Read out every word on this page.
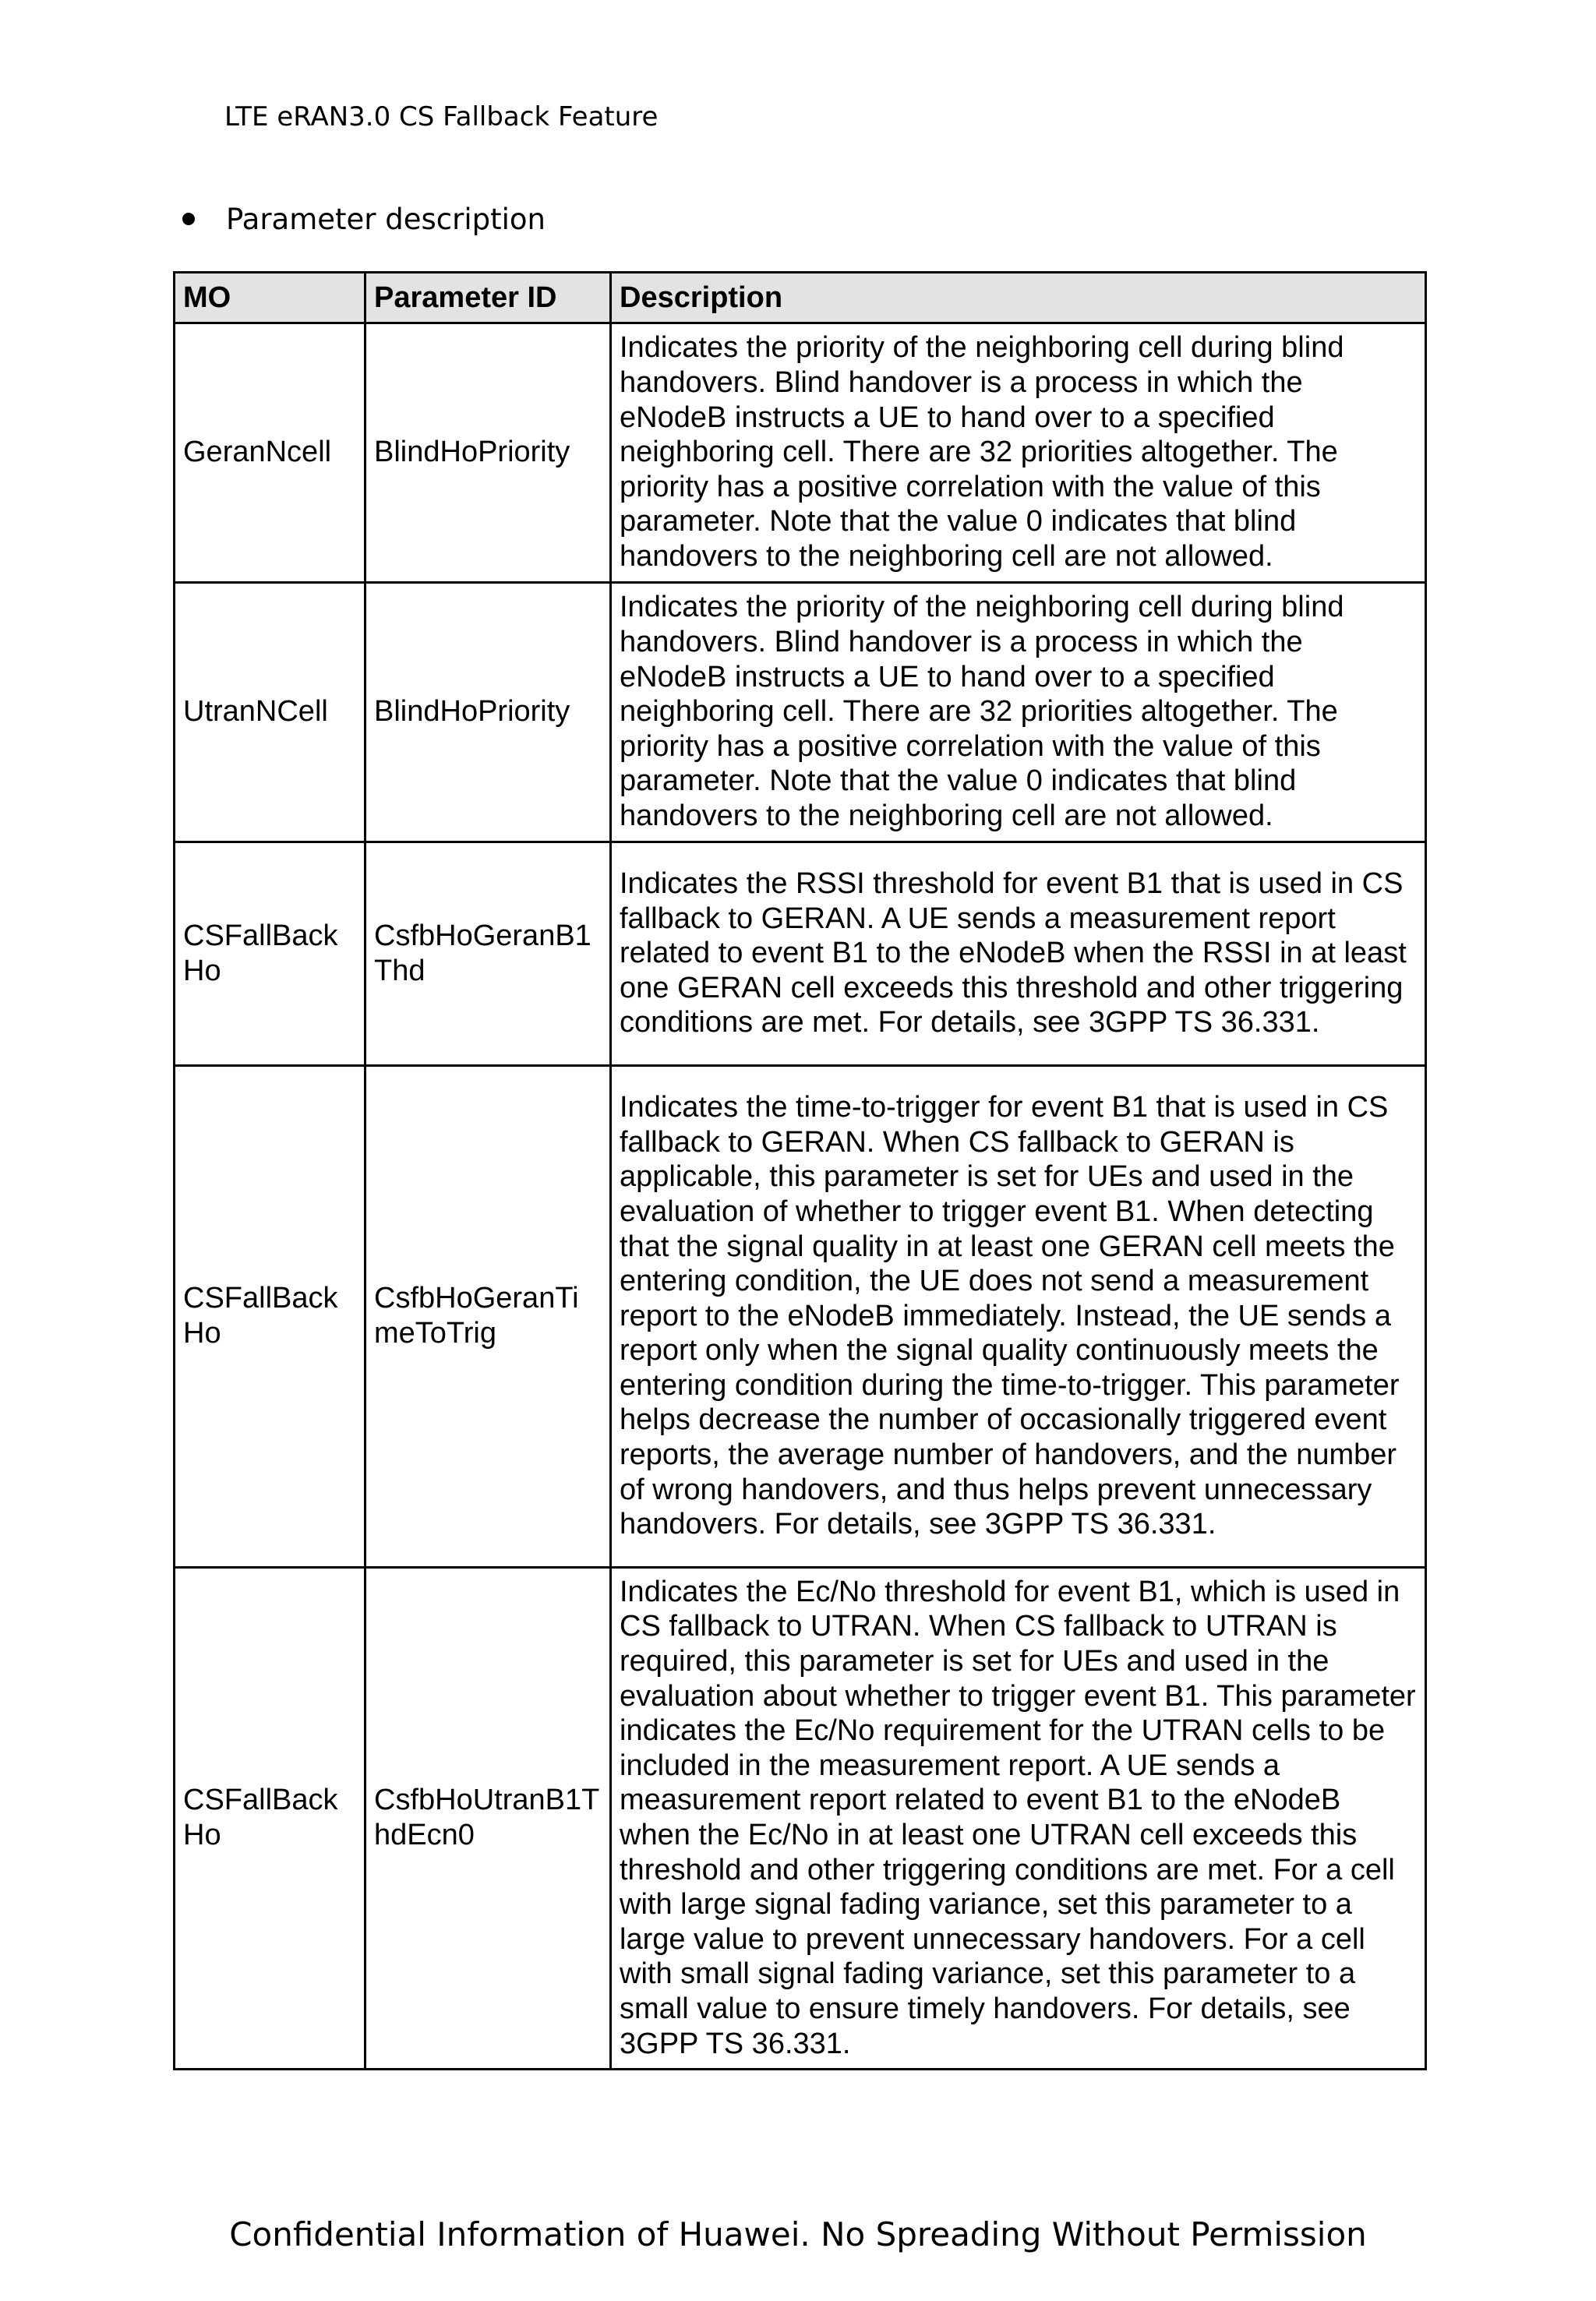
LTE eRAN3.0 CS Fallback Feature
Parameter description
MO	Parameter ID	Description
GeranNcell	BlindHoPriority	Indicates the priority of the neighboring cell during blind handovers. Blind handover is a process in which the eNodeB instructs a UE to hand over to a specified neighboring cell. There are 32 priorities altogether. The priority has a positive correlation with the value of this parameter. Note that the value 0 indicates that blind handovers to the neighboring cell are not allowed.
UtranNCell	BlindHoPriority	Indicates the priority of the neighboring cell during blind handovers. Blind handover is a process in which the eNodeB instructs a UE to hand over to a specified neighboring cell. There are 32 priorities altogether. The priority has a positive correlation with the value of this parameter. Note that the value 0 indicates that blind handovers to the neighboring cell are not allowed.
CSFallBackHo	CsfbHoGeranB1Thd	Indicates the RSSI threshold for event B1 that is used in CS fallback to GERAN. A UE sends a measurement report related to event B1 to the eNodeB when the RSSI in at least one GERAN cell exceeds this threshold and other triggering conditions are met. For details, see 3GPP TS 36.331.
CSFallBackHo	CsfbHoGeranTimeToTrig	Indicates the time-to-trigger for event B1 that is used in CS fallback to GERAN. When CS fallback to GERAN is applicable, this parameter is set for UEs and used in the evaluation of whether to trigger event B1. When detecting that the signal quality in at least one GERAN cell meets the entering condition, the UE does not send a measurement report to the eNodeB immediately. Instead, the UE sends a report only when the signal quality continuously meets the entering condition during the time-to-trigger. This parameter helps decrease the number of occasionally triggered event reports, the average number of handovers, and the number of wrong handovers, and thus helps prevent unnecessary handovers. For details, see 3GPP TS 36.331.
CSFallBackHo	CsfbHoUtranB1ThdEcn0	Indicates the Ec/No threshold for event B1, which is used in CS fallback to UTRAN. When CS fallback to UTRAN is required, this parameter is set for UEs and used in the evaluation about whether to trigger event B1. This parameter indicates the Ec/No requirement for the UTRAN cells to be included in the measurement report. A UE sends a measurement report related to event B1 to the eNodeB when the Ec/No in at least one UTRAN cell exceeds this threshold and other triggering conditions are met. For a cell with large signal fading variance, set this parameter to a large value to prevent unnecessary handovers. For a cell with small signal fading variance, set this parameter to a small value to ensure timely handovers. For details, see 3GPP TS 36.331.
Confidential Information of Huawei. No Spreading Without Permission
